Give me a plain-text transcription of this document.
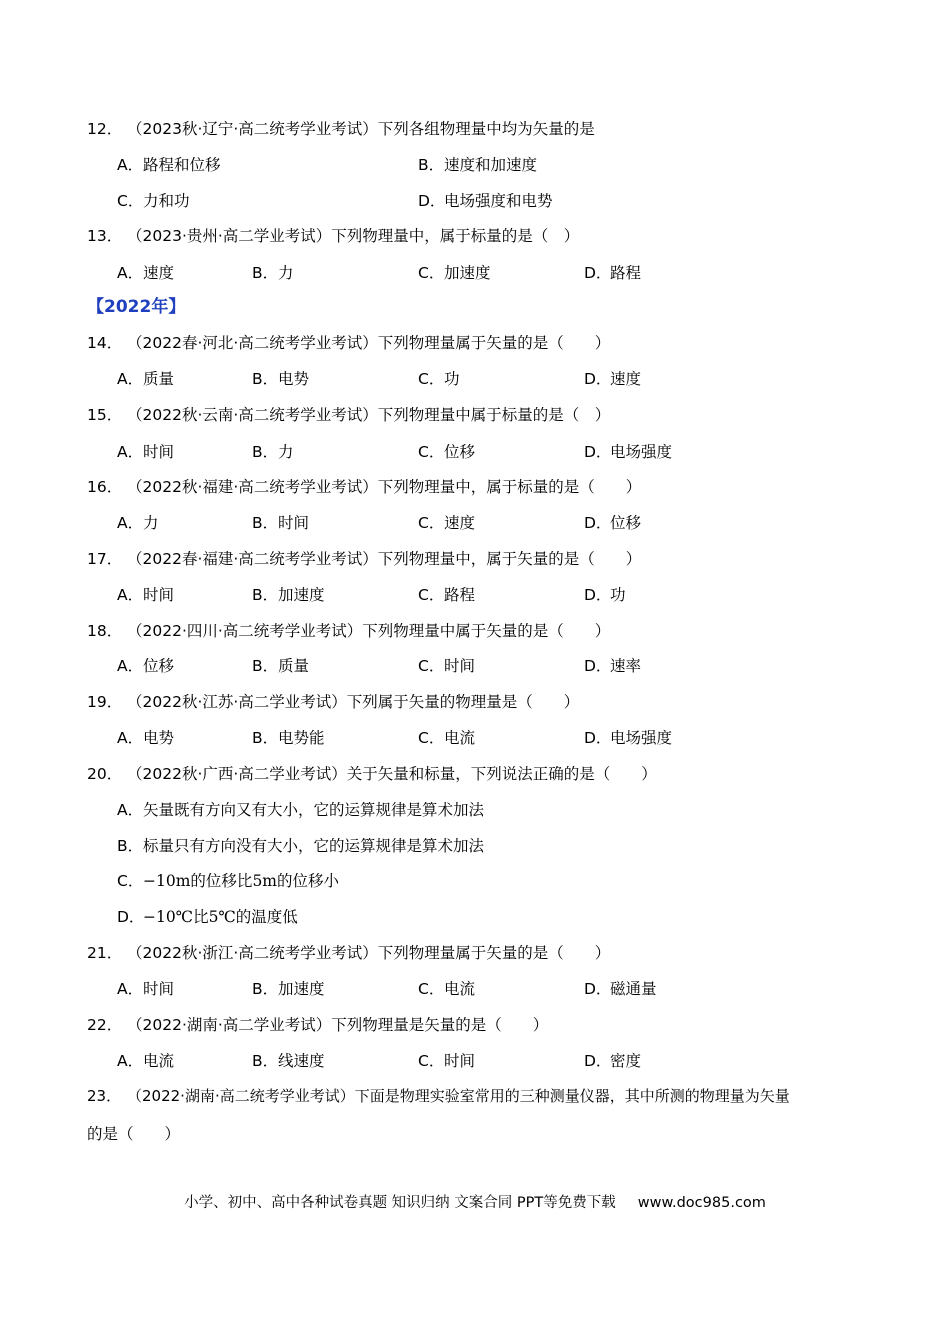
12． （2023秋·辽宁·高二统考学业考试）下列各组物理量中均为矢量的是
A．路程和位移	B．速度和加速度
C．力和功	D．电场强度和电势
13． （2023·贵州·高二学业考试）下列物理量中，属于标量的是（　）
A．速度	B．力	C．加速度	D．路程
【2022年】
14． （2022春·河北·高二统考学业考试）下列物理量属于矢量的是（　　）
A．质量	B．电势	C．功	D．速度
15． （2022秋·云南·高二统考学业考试）下列物理量中属于标量的是（　）
A．时间	B．力	C．位移	D．电场强度
16． （2022秋·福建·高二统考学业考试）下列物理量中，属于标量的是（　　）
A．力	B．时间	C．速度	D．位移
17． （2022春·福建·高二统考学业考试）下列物理量中，属于矢量的是（　　）
A．时间	B．加速度	C．路程	D．功
18． （2022·四川·高二统考学业考试）下列物理量中属于矢量的是（　　）
A．位移	B．质量	C．时间	D．速率
19． （2022秋·江苏·高二学业考试）下列属于矢量的物理量是（　　）
A．电势	B．电势能	C．电流	D．电场强度
20． （2022秋·广西·高二学业考试）关于矢量和标量，下列说法正确的是（　　）
A．矢量既有方向又有大小，它的运算规律是算术加法
B．标量只有方向没有大小，它的运算规律是算术加法
C．−10m的位移比5m的位移小
D．−10℃比5℃的温度低
21． （2022秋·浙江·高二统考学业考试）下列物理量属于矢量的是（　　）
A．时间	B．加速度	C．电流	D．磁通量
22． （2022·湖南·高二学业考试）下列物理量是矢量的是（　　）
A．电流	B．线速度	C．时间	D．密度
23． （2022·湖南·高二统考学业考试）下面是物理实验室常用的三种测量仪器，其中所测的物理量为矢量
的是（　　）
小学、初中、高中各种试卷真题 知识归纳 文案合同 PPT等免费下载 www.doc985.com
